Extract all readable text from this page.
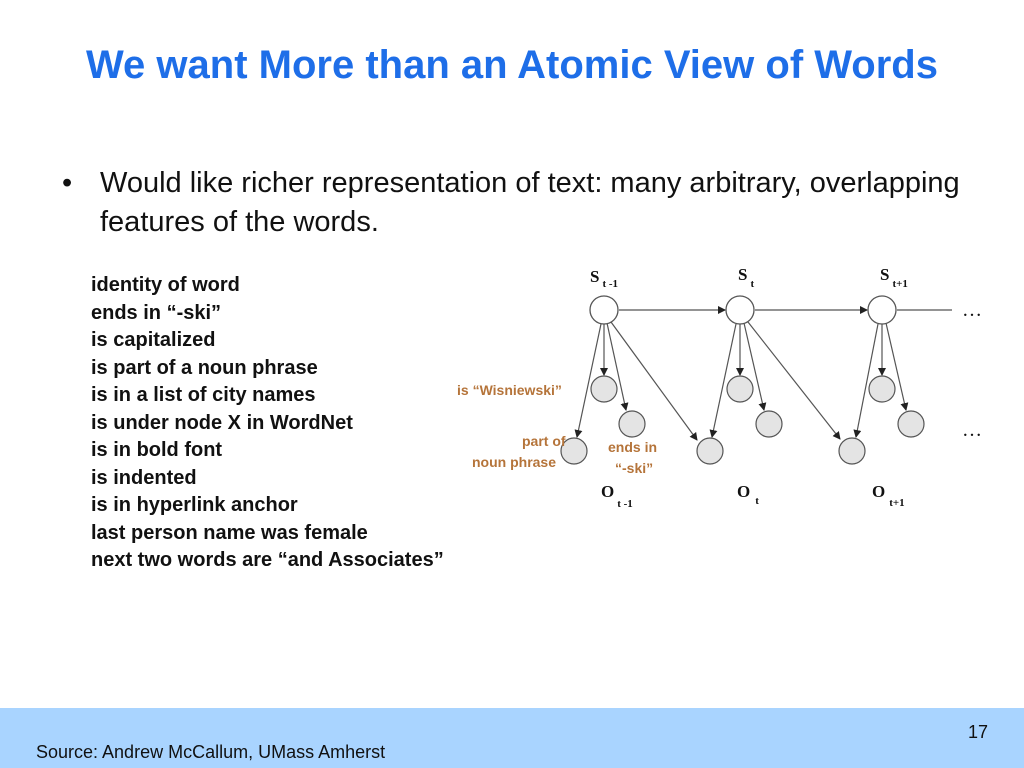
We want More than an Atomic View of Words
• Would like richer representation of text: many arbitrary, overlapping features of the words.
identity of word
ends in “-ski”
is capitalized
is part of a noun phrase
is in a list of city names
is under node X in WordNet
is in bold font
is indented
is in hyperlink anchor
last person name was female
next two words are “and Associates”
S $_{t -1}$	S $_t$	S $_{t+1}$
$O_{t -1}$
O $_t$	$O_{t+1}$
…
…
is “Wisniewski”
part of
noun phrase
ends in
“-ski”
Source: Andrew McCallum, UMass Amherst
17
